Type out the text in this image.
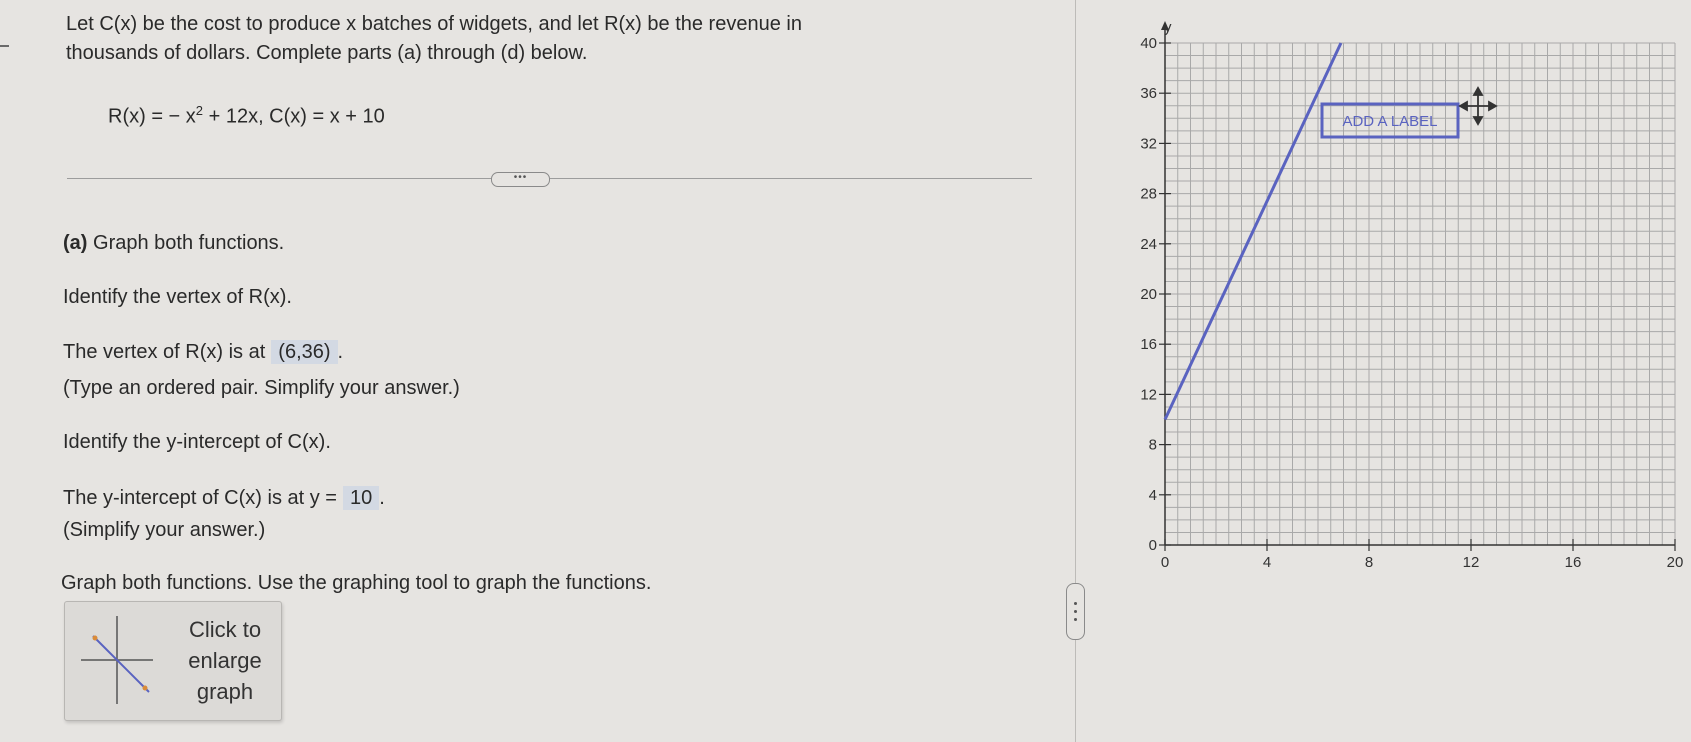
Let C(x) be the cost to produce x batches of widgets, and let R(x) be the revenue in
thousands of dollars. Complete parts (a) through (d) below.
R(x) = − $x^2 + 12x$, C(x) = x + 10
•••
(a) Graph both functions.
Identify the vertex of R(x).
The vertex of R(x) is at (6,36) .
(Type an ordered pair. Simplify your answer.)
Identify the y-intercept of C(x).
The y-intercept of C(x) is at y = 10 .
(Simplify your answer.)
Graph both functions. Use the graphing tool to graph the functions.
Click to
enlarge
graph
0
4
8
12
16
20
24
28
32
36
40
0	4	8	12	16	20
y
ADD A LABEL
